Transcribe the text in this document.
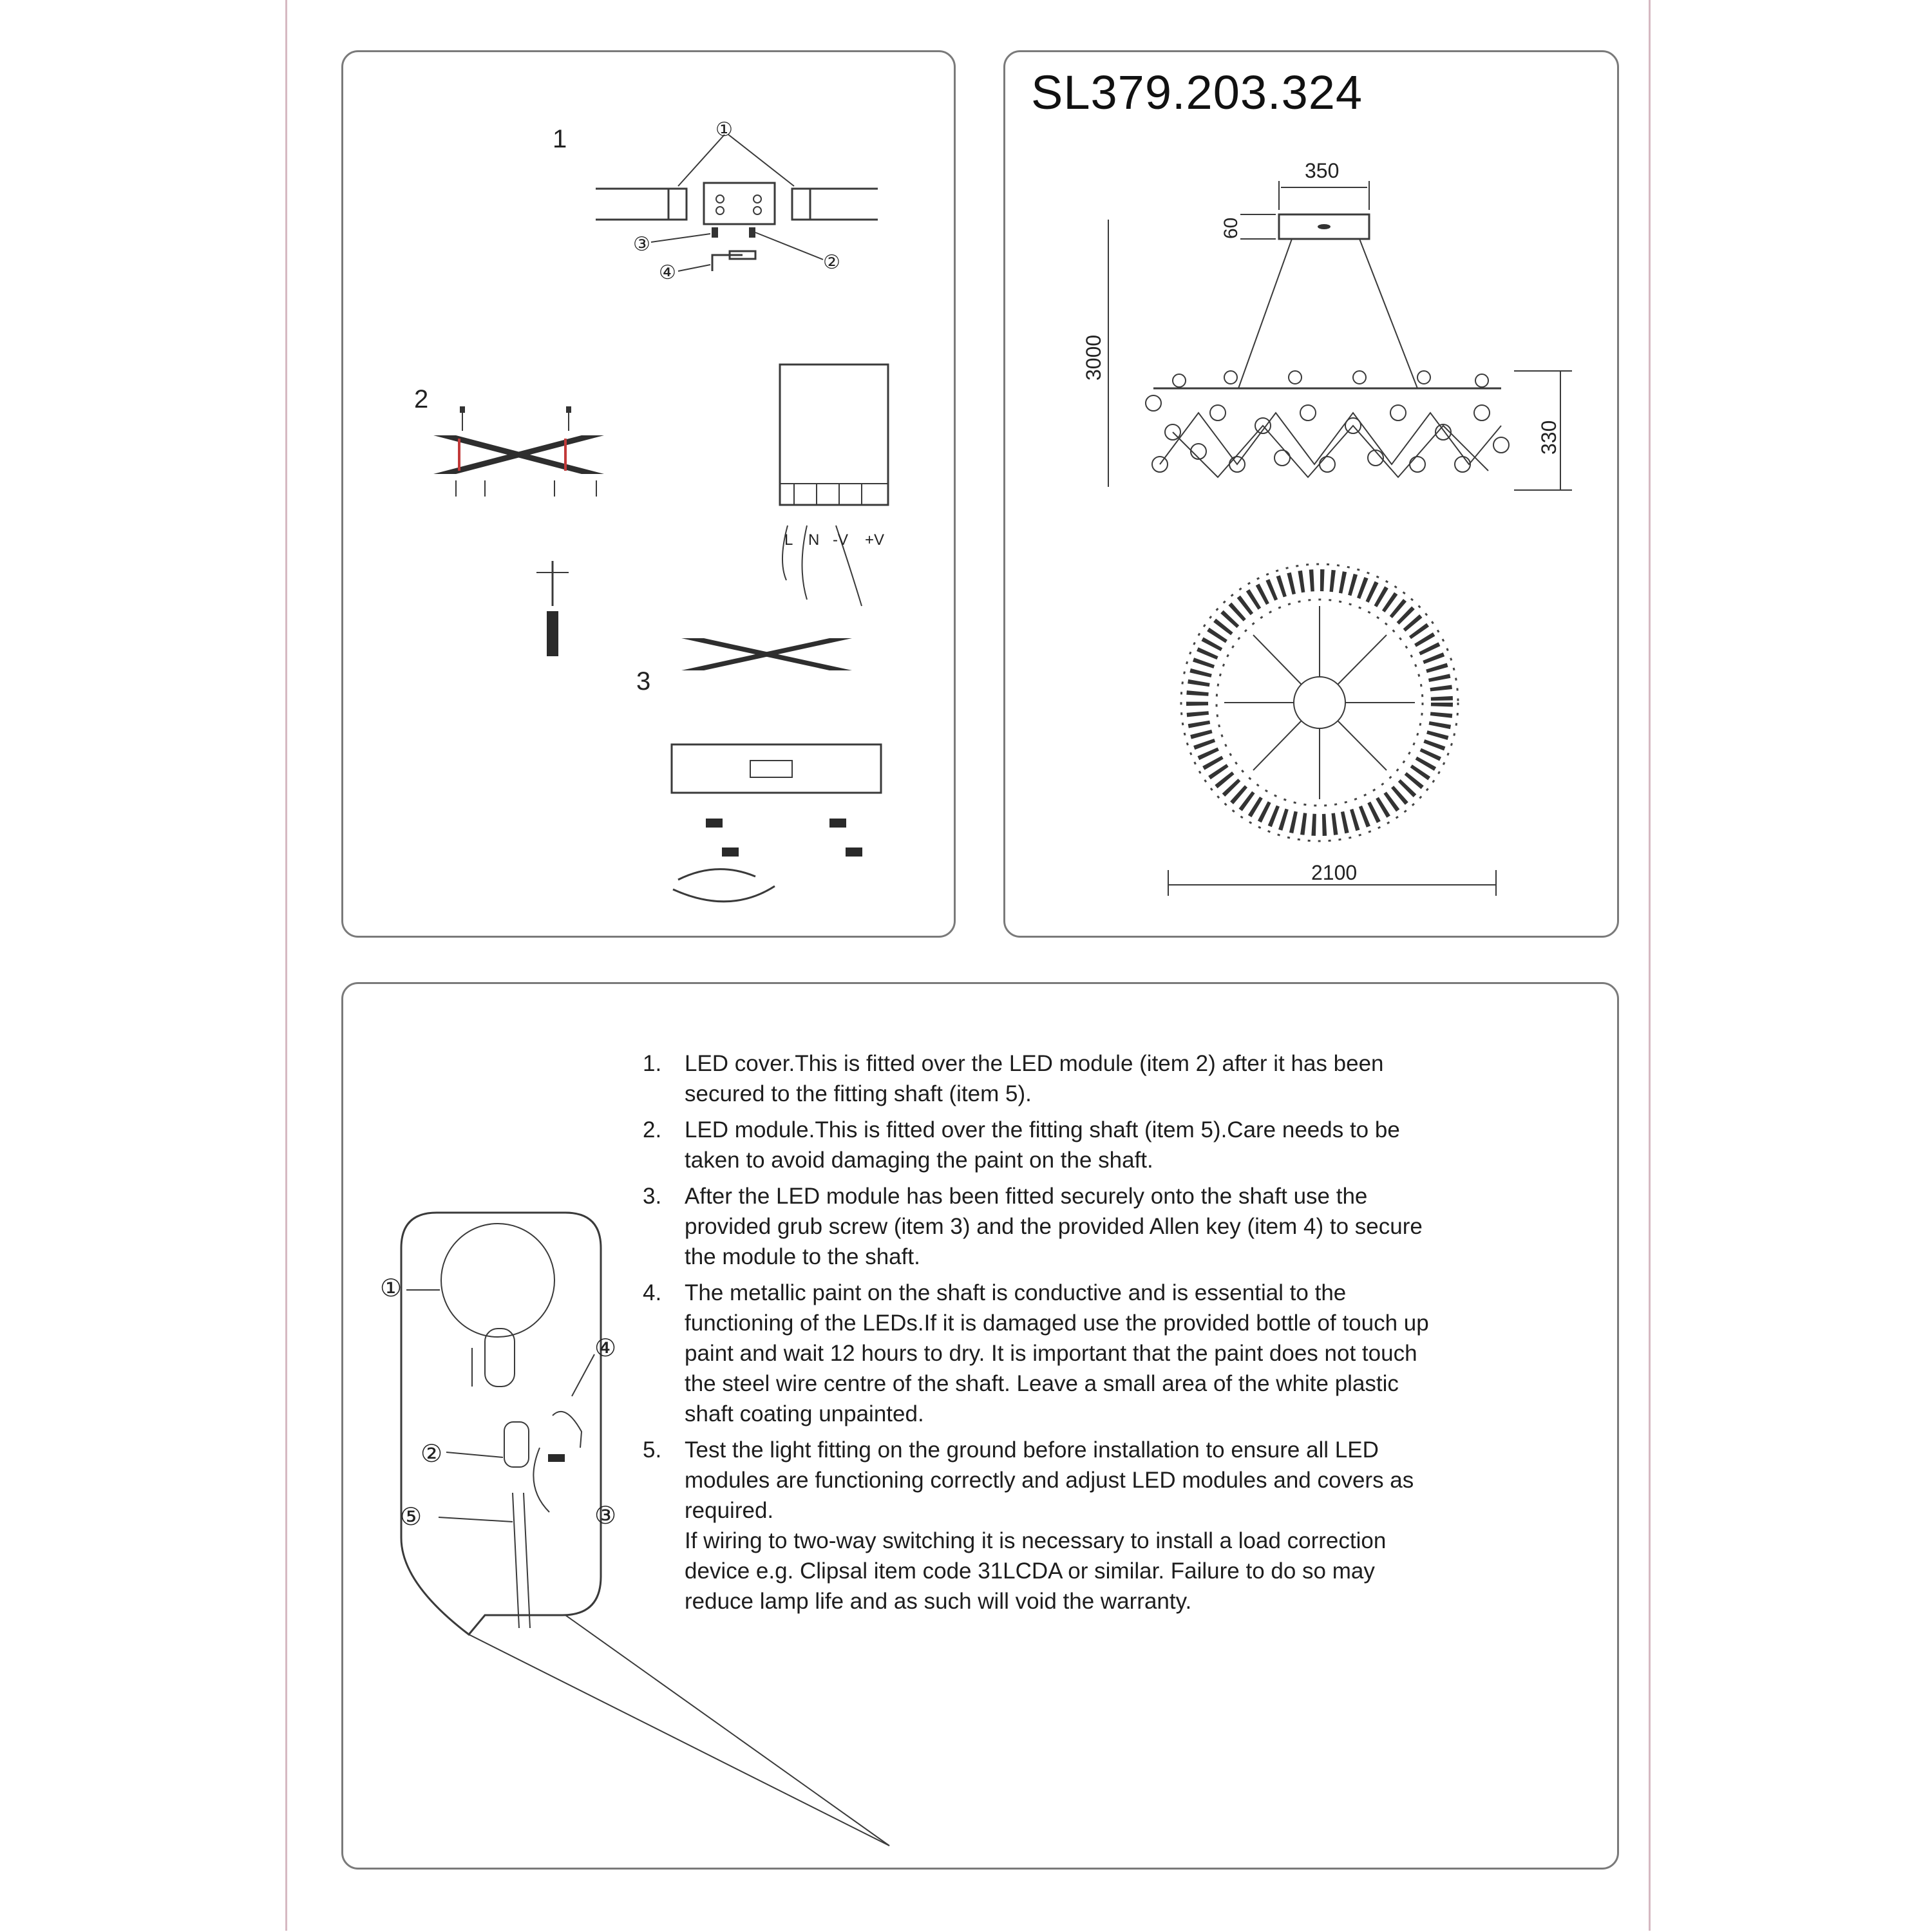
1	①
③
②
④
2
L N -V +V
3
SL379.203.324
350
60
3000
330
2100
①
②
③
④
⑤
1. LED cover.This is fitted over the LED module (item 2) after it has been secured to the fitting shaft (item 5).
2. LED module.This is fitted over the fitting shaft (item 5).Care needs to be taken to avoid damaging the paint on the shaft.
3. After the LED module has been fitted securely onto the shaft use the provided grub screw (item 3) and the provided Allen key (item 4) to secure the module to the shaft.
4. The metallic paint on the shaft is conductive and is essential to the functioning of the LEDs.If it is damaged use the provided bottle of touch up paint and wait 12 hours to dry. It is important that the paint does not touch the steel wire centre of the shaft. Leave a small area of the white plastic shaft coating unpainted.
5. Test the light fitting on the ground before installation to ensure all LED modules are functioning correctly and adjust LED modules and covers as required.
If wiring to two-way switching it is necessary to install a load correction device e.g. Clipsal item code 31LCDA or similar. Failure to do so may reduce lamp life and as such will void the warranty.
